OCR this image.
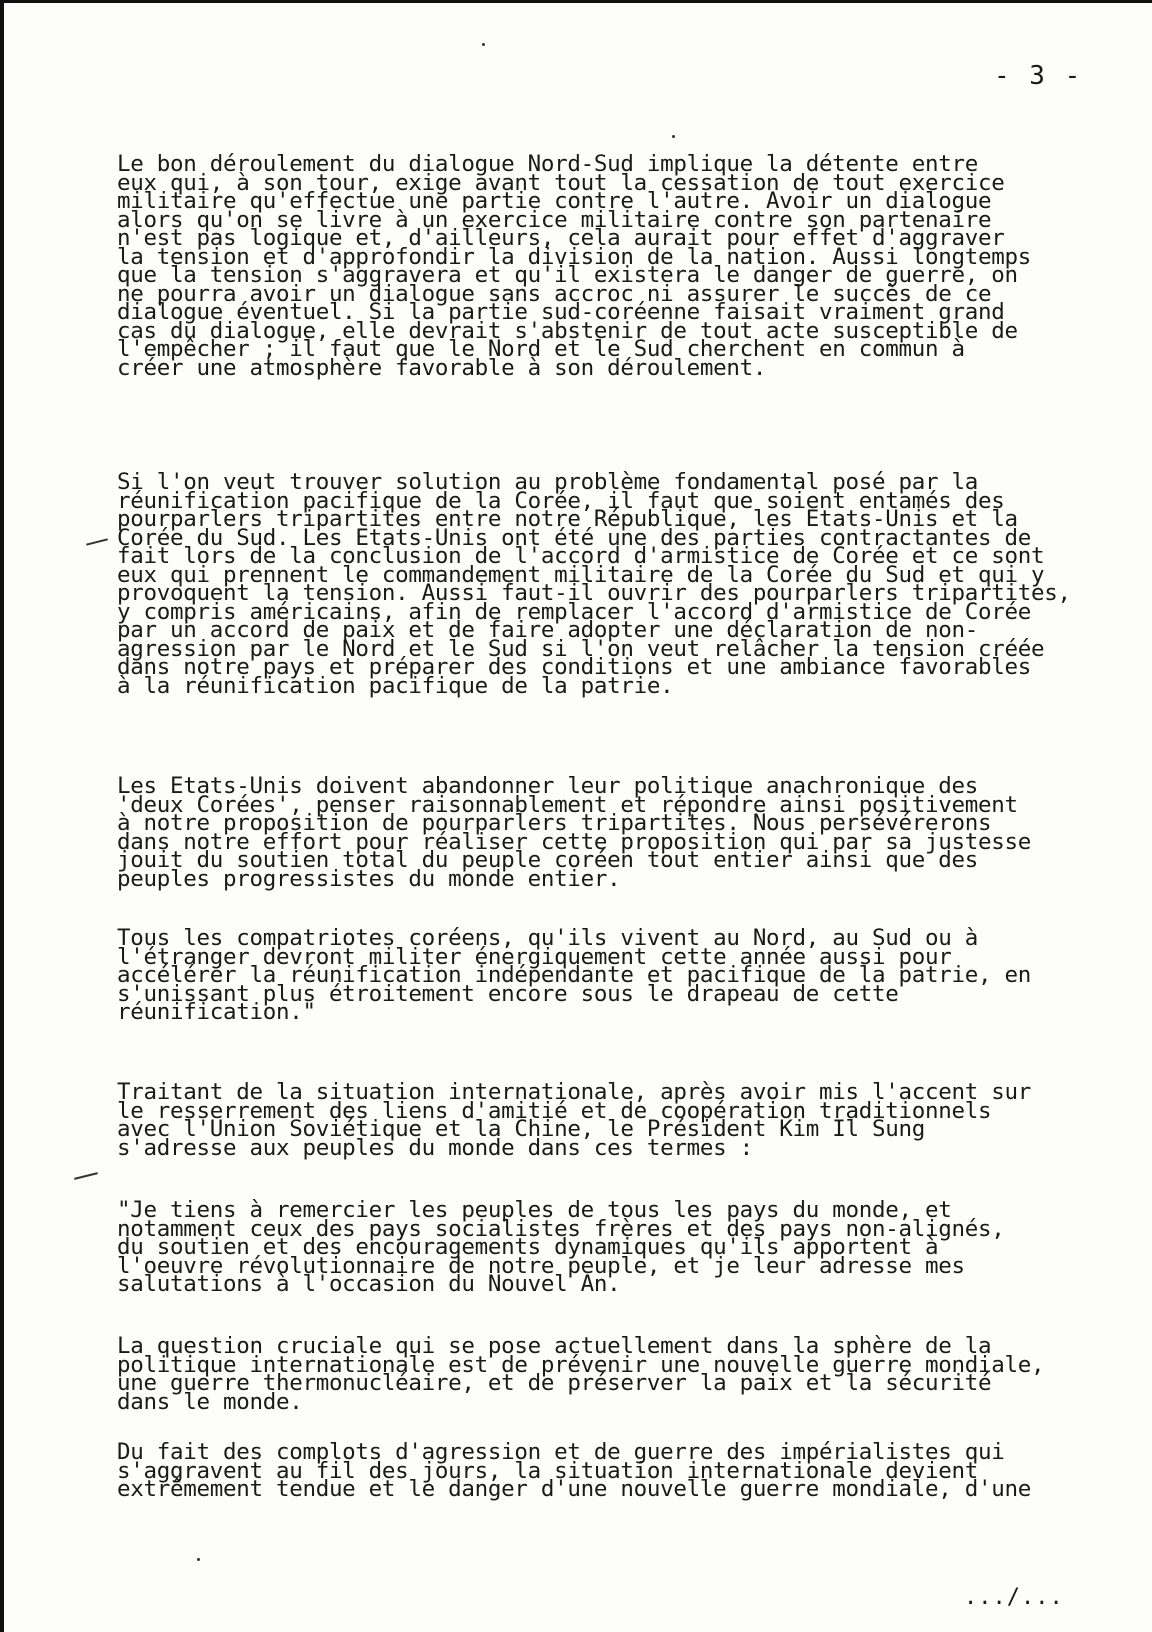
- 3 -
Le bon déroulement du dialogue Nord-Sud implique la détente entre
eux qui, à son tour, exige avant tout la cessation de tout exercice
militaire qu'effectue une partie contre l'autre. Avoir un dialogue
alors qu'on se livre à un exercice militaire contre son partenaire
n'est pas logique et, d'ailleurs, cela aurait pour effet d'aggraver
la tension et d'approfondir la division de la nation. Aussi longtemps
que la tension s'aggravera et qu'il existera le danger de guerre, on
ne pourra avoir un dialogue sans accroc ni assurer le succès de ce
dialogue éventuel. Si la partie sud-coréenne faisait vraiment grand
cas du dialogue, elle devrait s'abstenir de tout acte susceptible de
l'empêcher ; il faut que le Nord et le Sud cherchent en commun à
créer une atmosphère favorable à son déroulement.
Si l'on veut trouver solution au problème fondamental posé par la
réunification pacifique de la Corée, il faut que soient entamés des
pourparlers tripartites entre notre République, les Etats-Unis et la
Corée du Sud. Les Etats-Unis ont été une des parties contractantes de
fait lors de la conclusion de l'accord d'armistice de Corée et ce sont
eux qui prennent le commandement militaire de la Corée du Sud et qui y
provoquent la tension. Aussi faut-il ouvrir des pourparlers tripartites,
y compris américains, afin de remplacer l'accord d'armistice de Corée
par un accord de paix et de faire adopter une déclaration de non-
agression par le Nord et le Sud si l'on veut relâcher la tension créée
dans notre pays et préparer des conditions et une ambiance favorables
à la réunification pacifique de la patrie.
Les Etats-Unis doivent abandonner leur politique anachronique des
'deux Corées', penser raisonnablement et répondre ainsi positivement
à notre proposition de pourparlers tripartites. Nous persévérerons
dans notre effort pour réaliser cette proposition qui par sa justesse
jouit du soutien total du peuple coréen tout entier ainsi que des
peuples progressistes du monde entier.
Tous les compatriotes coréens, qu'ils vivent au Nord, au Sud ou à
l'étranger devront militer énergiquement cette année aussi pour
accélérer la réunification indépendante et pacifique de la patrie, en
s'unissant plus étroitement encore sous le drapeau de cette
réunification."
Traitant de la situation internationale, après avoir mis l'accent sur
le resserrement des liens d'amitié et de coopération traditionnels
avec l'Union Soviétique et la Chine, le Président Kim Il Sung
s'adresse aux peuples du monde dans ces termes :
"Je tiens à remercier les peuples de tous les pays du monde, et
notamment ceux des pays socialistes frères et des pays non-alignés,
du soutien et des encouragements dynamiques qu'ils apportent à
l'oeuvre révolutionnaire de notre peuple, et je leur adresse mes
salutations à l'occasion du Nouvel An.
La question cruciale qui se pose actuellement dans la sphère de la
politique internationale est de prévenir une nouvelle guerre mondiale,
une guerre thermonucléaire, et de préserver la paix et la sécurité
dans le monde.
Du fait des complots d'agression et de guerre des impérialistes qui
s'aggravent au fil des jours, la situation internationale devient
extrêmement tendue et le danger d'une nouvelle guerre mondiale, d'une
.../...
